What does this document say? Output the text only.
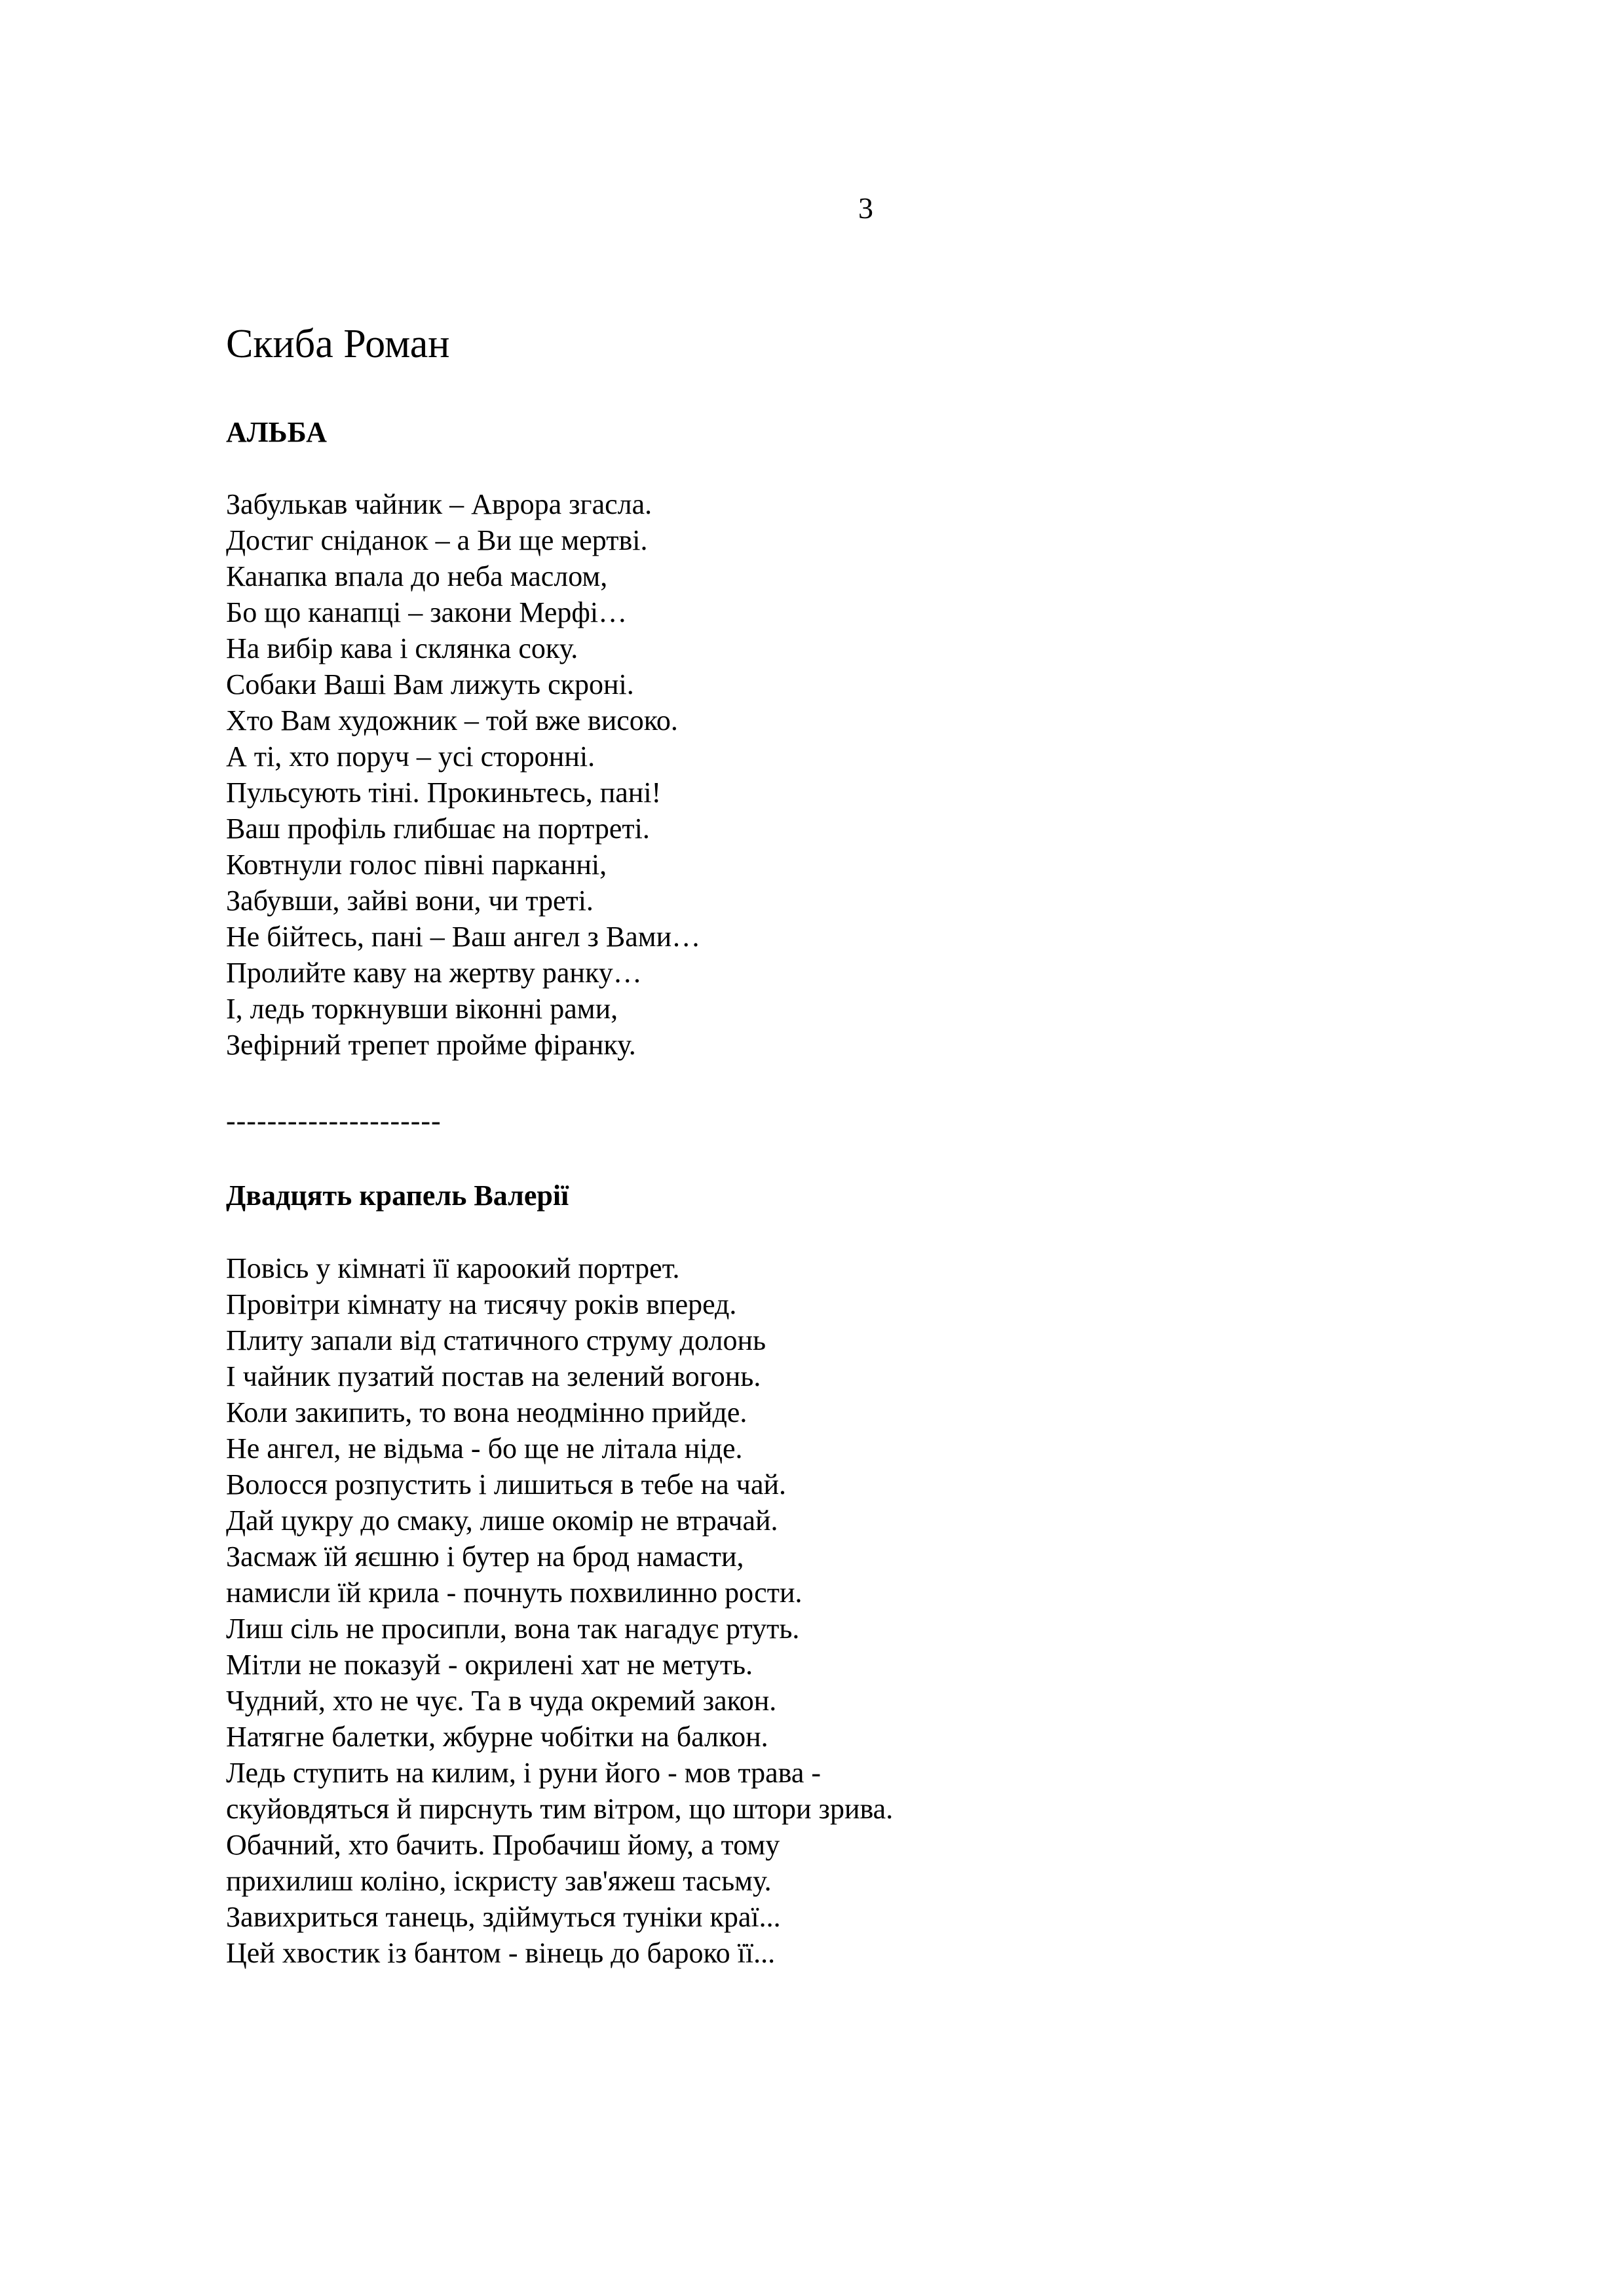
3
Скиба Роман
АЛЬБА
Забулькав чайник – Аврора згасла.
Достиг сніданок – а Ви ще мертві.
Канапка впала до неба маслом,
Бо що канапці – закони Мерфі…
На вибір кава і склянка соку.
Собаки Ваші Вам лижуть скроні.
Хто Вам художник – той вже високо.
А ті, хто поруч – усі сторонні.
Пульсують тіні. Прокиньтесь, пані!
Ваш профіль глибшає на портреті.
Ковтнули голос півні парканні,
Забувши, зайві вони, чи треті.
Не бійтесь, пані – Ваш ангел з Вами…
Пролийте каву на жертву ранку…
І, ледь торкнувши віконні рами,
Зефірний трепет пройме фіранку.
---------------------
Двадцять крапель Валерії
Повісь у кімнаті її кароокий портрет.
Провітри кімнату на тисячу років вперед.
Плиту запали від статичного струму долонь
І чайник пузатий постав на зелений вогонь.
Коли закипить, то вона неодмінно прийде.
Не ангел, не відьма - бо ще не літала ніде.
Волосся розпустить і лишиться в тебе на чай.
Дай цукру до смаку, лише окомір не втрачай.
Засмаж їй яєшню і бутер на брод намасти,
намисли їй крила - почнуть похвилинно рости.
Лиш сіль не просипли, вона так нагадує ртуть.
Мітли не показуй - окрилені хат не метуть.
Чудний, хто не чує. Та в чуда окремий закон.
Натягне балетки, жбурне чобітки на балкон.
Ледь ступить на килим, і руни його - мов трава -
скуйовдяться й пирснуть тим вітром, що штори зрива.
Обачний, хто бачить. Пробачиш йому, а тому
прихилиш коліно, іскристу зав'яжеш тасьму.
Завихриться танець, здіймуться туніки краї...
Цей хвостик із бантом - вінець до бароко її...
